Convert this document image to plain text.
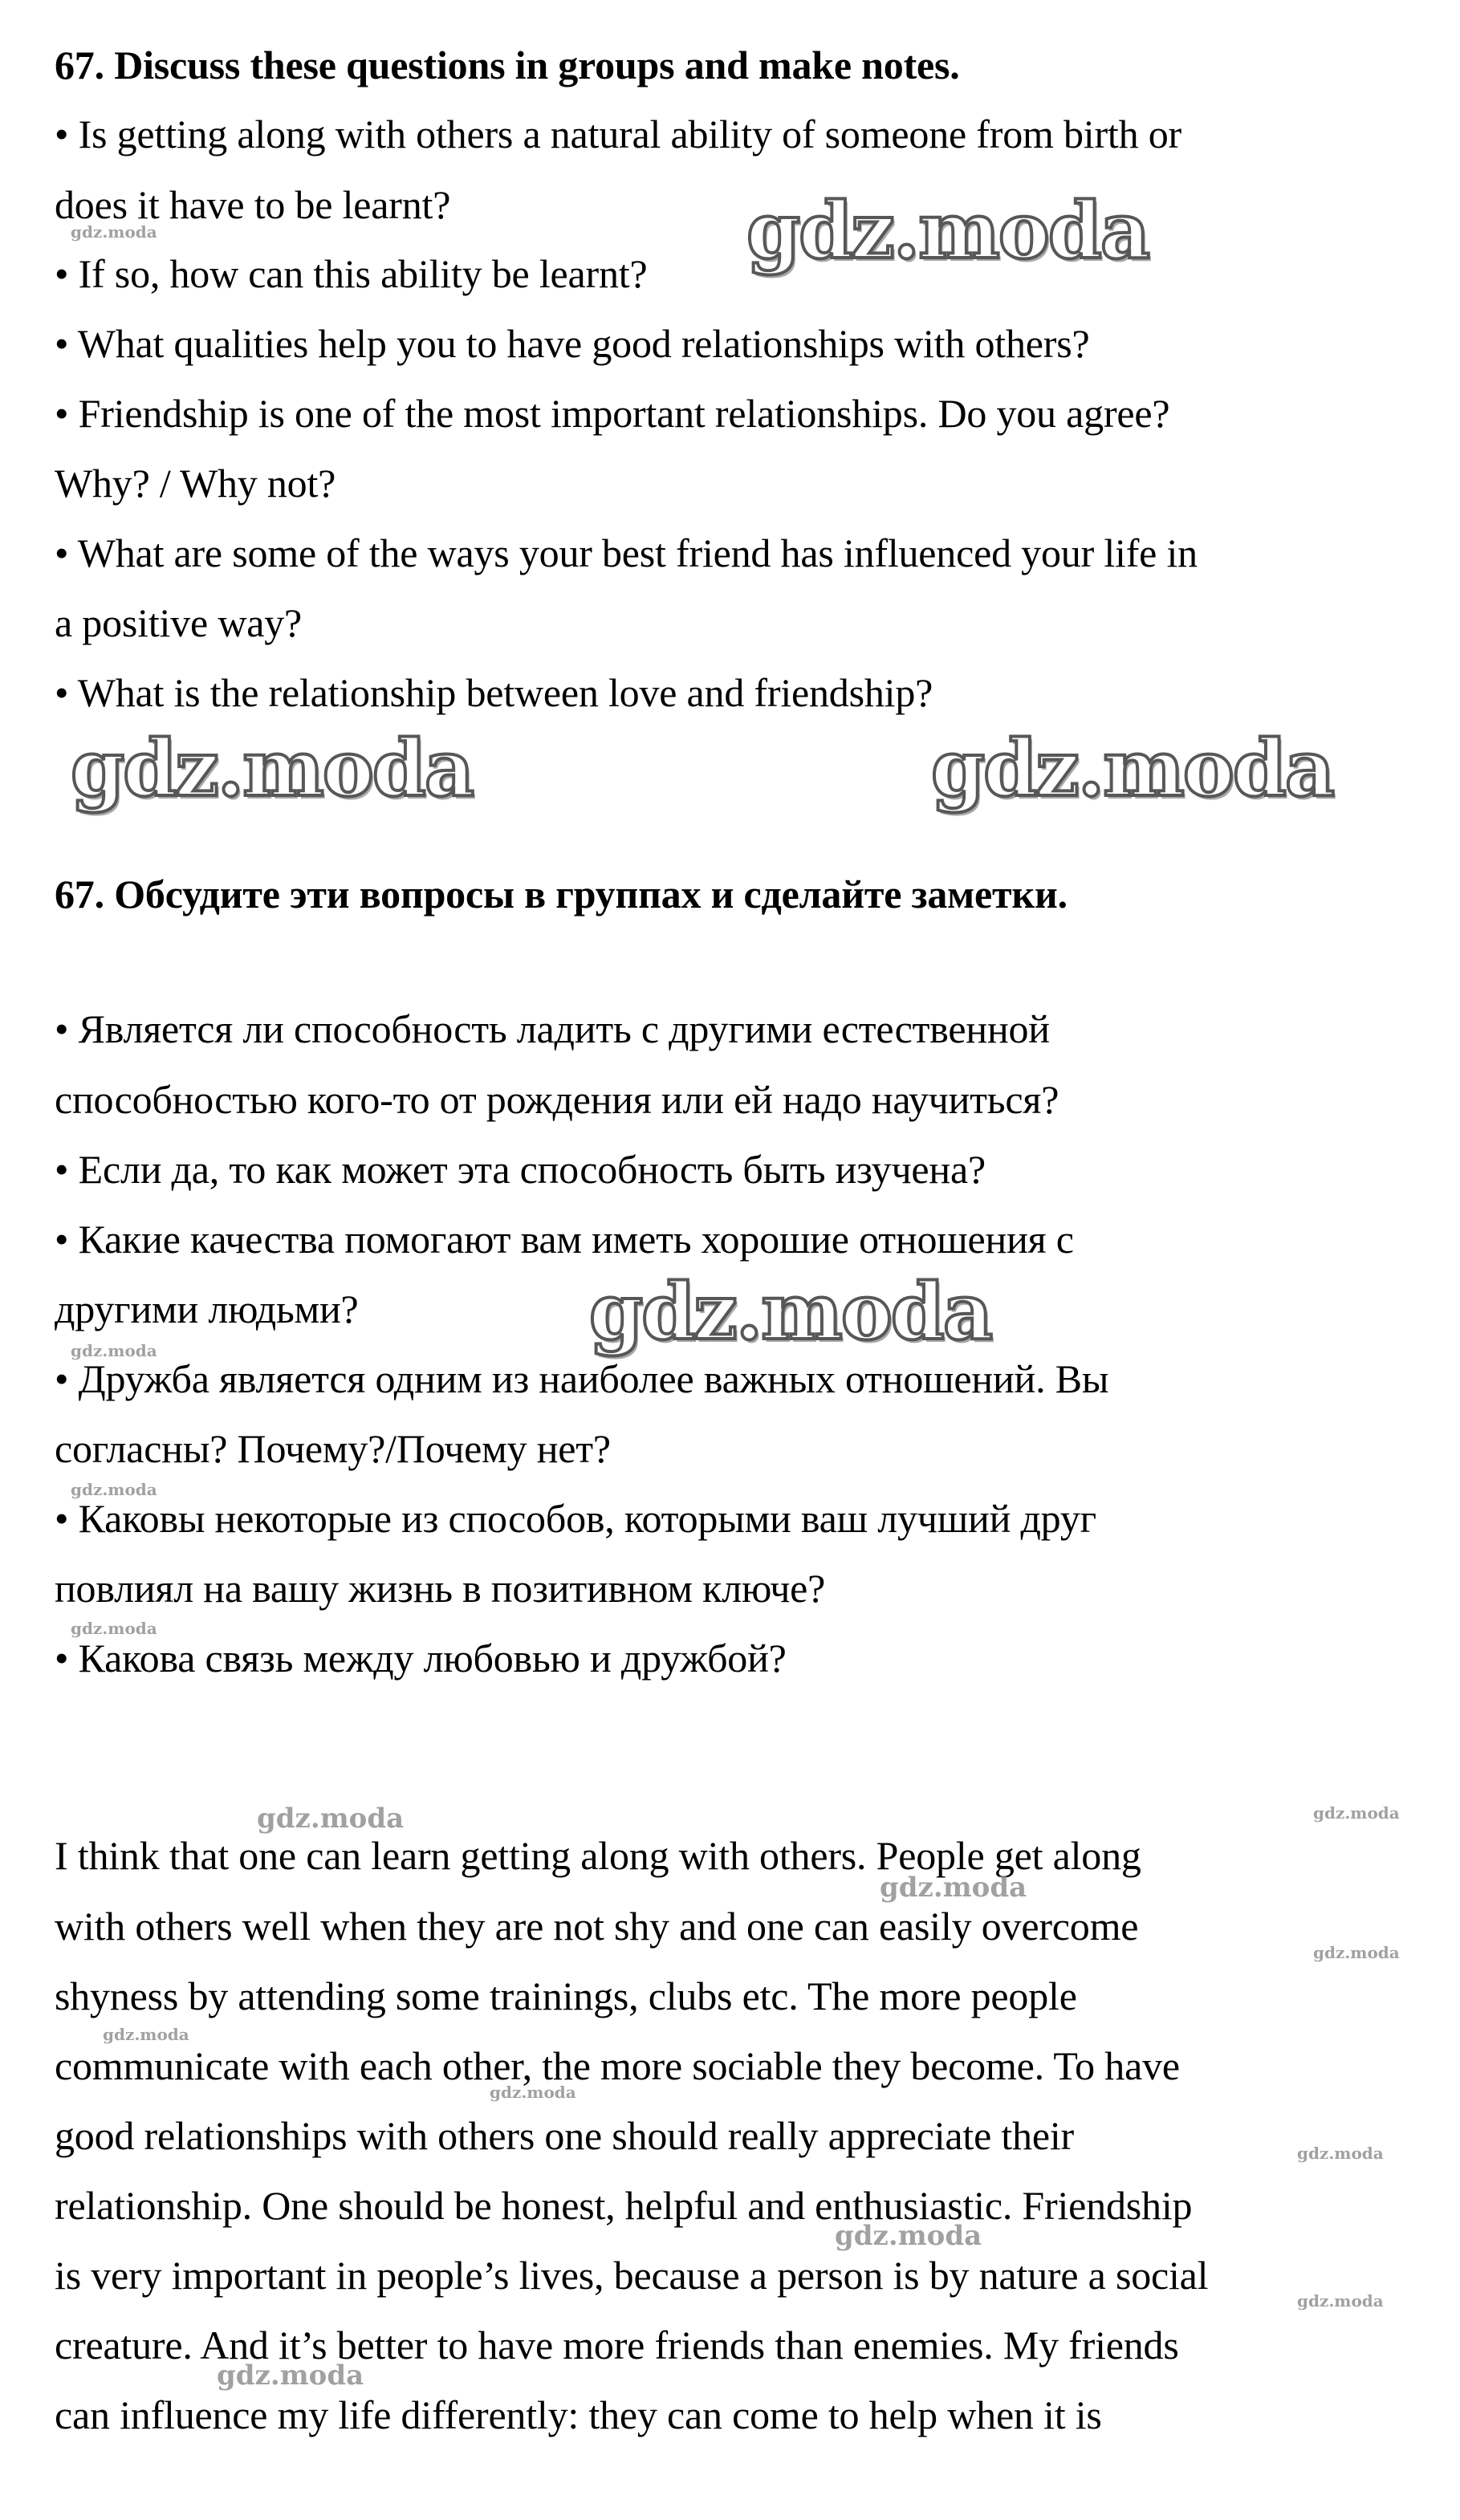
67. Discuss these questions in groups and make notes.
• Is getting along with others a natural ability of someone from birth or
does it have to be learnt?
• If so, how can this ability be learnt?
• What qualities help you to have good relationships with others?
• Friendship is one of the most important relationships. Do you agree?
Why? / Why not?
• What are some of the ways your best friend has influenced your life in
a positive way?
• What is the relationship between love and friendship?
67. Обсудите эти вопросы в группах и сделайте заметки.
• Является ли способность ладить с другими естественной
способностью кого-то от рождения или ей надо научиться?
• Если да, то как может эта способность быть изучена?
• Какие качества помогают вам иметь хорошие отношения с
другими людьми?
• Дружба является одним из наиболее важных отношений. Вы
согласны? Почему?/Почему нет?
• Каковы некоторые из способов, которыми ваш лучший друг
повлиял на вашу жизнь в позитивном ключе?
• Какова связь между любовью и дружбой?
I think that one can learn getting along with others. People get along
with others well when they are not shy and one can easily overcome
shyness by attending some trainings, clubs etc. The more people
communicate with each other, the more sociable they become. To have
good relationships with others one should really appreciate their
relationship. One should be honest, helpful and enthusiastic. Friendship
is very important in people’s lives, because a person is by nature a social
creature. And it’s better to have more friends than enemies. My friends
can influence my life differently: they can come to help when it is
gdz.moda
gdz.moda	gdz.moda
gdz.moda
gdz.moda
gdz.moda
gdz.moda
gdz.moda
gdz.moda
gdz.moda
gdz.moda
gdz.moda
gdz.moda
gdz.moda
gdz.moda
gdz.moda
gdz.moda
gdz.moda
